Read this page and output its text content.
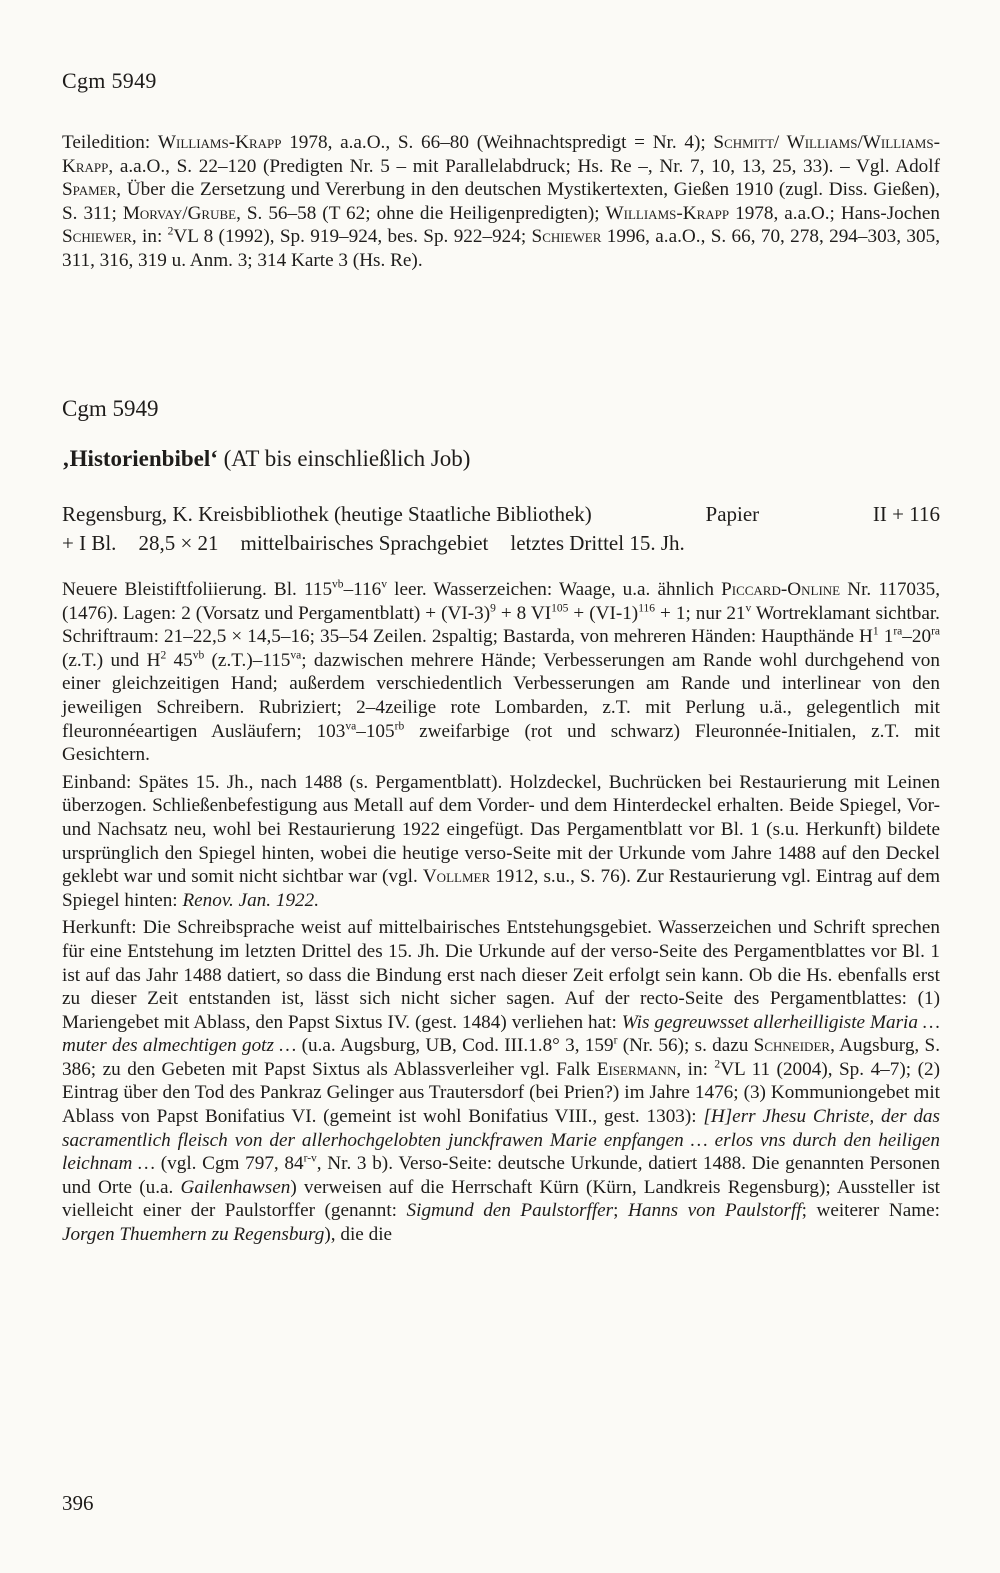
Cgm 5949
Teiledition: Williams-Krapp 1978, a.a.O., S. 66–80 (Weihnachtspredigt = Nr. 4); Schmitt/ Williams/Williams-Krapp, a.a.O., S. 22–120 (Predigten Nr. 5 – mit Parallelabdruck; Hs. Re –, Nr. 7, 10, 13, 25, 33). – Vgl. Adolf Spamer, Über die Zersetzung und Vererbung in den deutschen Mystikertexten, Gießen 1910 (zugl. Diss. Gießen), S. 311; Morvay/Grube, S. 56–58 (T 62; ohne die Heiligenpredigten); Williams-Krapp 1978, a.a.O.; Hans-Jochen Schiewer, in: $^2$VL 8 (1992), Sp. 919–924, bes. Sp. 922–924; Schiewer 1996, a.a.O., S. 66, 70, 278, 294–303, 305, 311, 316, 319 u. Anm. 3; 314 Karte 3 (Hs. Re).
Cgm 5949
‚Historienbibel‘ (AT bis einschließlich Job)
Regensburg, K. Kreisbibliothek (heutige Staatliche Bibliothek)	Papier	II + 116
+ I Bl. 28,5 × 21 mittelbairisches Sprachgebiet letztes Drittel 15. Jh.

Neuere Bleistiftfoliierung. Bl. $115^{vb}-116^v$ leer. Wasserzeichen: Waage, u.a. ähnlich Piccard-Online Nr. 117035, (1476). Lagen: 2 (Vorsatz und Pergamentblatt) + $(VI-3)^9 + 8$ $VI^{105} + (VI-1)^{116} + 1$; nur 21$^v$ Wortreklamant sichtbar. Schriftraum: 21–22,5 × 14,5–16; 35–54 Zeilen. 2spaltig; Bastarda, von mehreren Händen: Haupthände $H^1$ $1^{ra}-20^{ra}$ (z.T.) und $H^2$ $45^{vb}$ $(z.T.)-115^{va}$; dazwischen mehrere Hände; Verbesserungen am Rande wohl durchgehend von einer gleichzeitigen Hand; außerdem verschiedentlich Verbesserungen am Rande und interlinear von den jeweiligen Schreibern. Rubriziert; 2–4zeilige rote Lombarden, z.T. mit Perlung u.ä., gelegentlich mit fleuronnéeartigen Ausläufern; $103^{va}-105^{rb}$ zweifarbige (rot und schwarz) Fleuronnée-Initialen, z.T. mit Gesichtern.

Einband: Spätes 15. Jh., nach 1488 (s. Pergamentblatt). Holzdeckel, Buchrücken bei Restaurierung mit Leinen überzogen. Schließenbefestigung aus Metall auf dem Vorder- und dem Hinterdeckel erhalten. Beide Spiegel, Vor- und Nachsatz neu, wohl bei Restaurierung 1922 eingefügt. Das Pergamentblatt vor Bl. 1 (s.u. Herkunft) bildete ursprünglich den Spiegel hinten, wobei die heutige verso-Seite mit der Urkunde vom Jahre 1488 auf den Deckel geklebt war und somit nicht sichtbar war (vgl. Vollmer 1912, s.u., S. 76). Zur Restaurierung vgl. Eintrag auf dem Spiegel hinten: Renov. Jan. 1922.

Herkunft: Die Schreibsprache weist auf mittelbairisches Entstehungsgebiet. Wasserzeichen und Schrift sprechen für eine Entstehung im letzten Drittel des 15. Jh. Die Urkunde auf der verso-Seite des Pergamentblattes vor Bl. 1 ist auf das Jahr 1488 datiert, so dass die Bindung erst nach dieser Zeit erfolgt sein kann. Ob die Hs. ebenfalls erst zu dieser Zeit entstanden ist, lässt sich nicht sicher sagen. Auf der recto-Seite des Pergamentblattes: (1) Mariengebet mit Ablass, den Papst Sixtus IV. (gest. 1484) verliehen hat: Wis gegreuwsset allerheilligiste Maria … muter des almechtigen gotz … (u.a. Augsburg, UB, Cod. III.1.8° 3, 159$^r$ (Nr. 56); s. dazu Schneider, Augsburg, S. 386; zu den Gebeten mit Papst Sixtus als Ablassverleiher vgl. Falk Eisermann, in: $^2$VL 11 (2004), Sp. 4–7); (2) Eintrag über den Tod des Pankraz Gelinger aus Trautersdorf (bei Prien?) im Jahre 1476; (3) Kommuniongebet mit Ablass von Papst Bonifatius VI. (gemeint ist wohl Bonifatius VIII., gest. 1303): [H]err Jhesu Christe, der das sacramentlich fleisch von der allerhochgelobten junckfrawen Marie enpfangen … erlos vns durch den heiligen leichnam … (vgl. Cgm 797, 84$^{r-v}$, Nr. 3 b). Verso-Seite: deutsche Urkunde, datiert 1488. Die genannten Personen und Orte (u.a. Gailenhawsen) verweisen auf die Herrschaft Kürn (Kürn, Landkreis Regensburg); Aussteller ist vielleicht einer der Paulstorffer (genannt: Sigmund den Paulstorffer; Hanns von Paulstorff; weiterer Name: Jorgen Thuemhern zu Regensburg), die die

396
